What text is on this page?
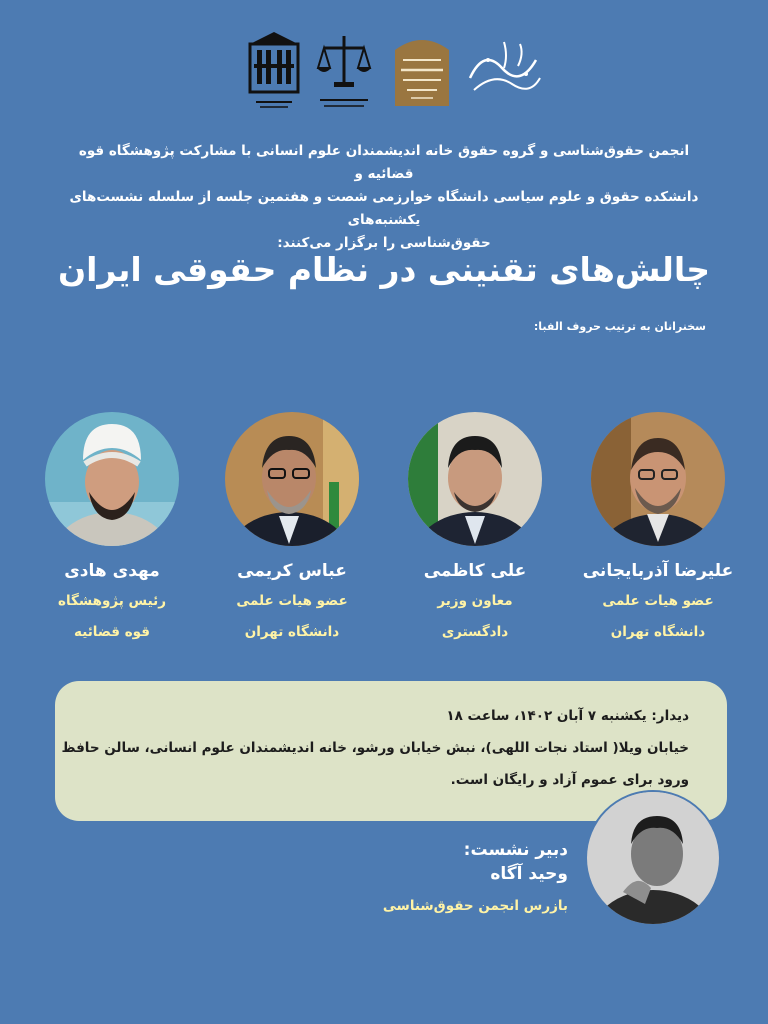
انجمن حقوق‌شناسی و گروه حقوق خانه اندیشمندان علوم انسانی با مشارکت پژوهشگاه قوه قضائیه و
دانشکده حقوق و علوم سیاسی دانشگاه خوارزمی شصت و هفتمین جلسه از سلسله نشست‌های یکشنبه‌های
حقوق‌شناسی را برگزار می‌کنند:
چالش‌های تقنینی در نظام حقوقی ایران
سخنرانان به ترتیب حروف الفبا:
علیرضا آذربایجانی
عضو هیات علمی
دانشگاه تهران
علی کاظمی
معاون وزیر
دادگستری
عباس کریمی
عضو هیات علمی
دانشگاه تهران
مهدی هادی
رئیس پژوهشگاه
قوه قضائیه
دیدار: یکشنبه ۷ آبان ۱۴۰۲، ساعت ۱۸
خیابان ویلا( استاد نجات اللهی)، نبش خیابان ورشو، خانه اندیشمندان علوم انسانی، سالن حافظ
ورود برای عموم آزاد و رایگان است.
دبیر نشست:
وحید آگاه
بازرس انجمن حقوق‌شناسی
